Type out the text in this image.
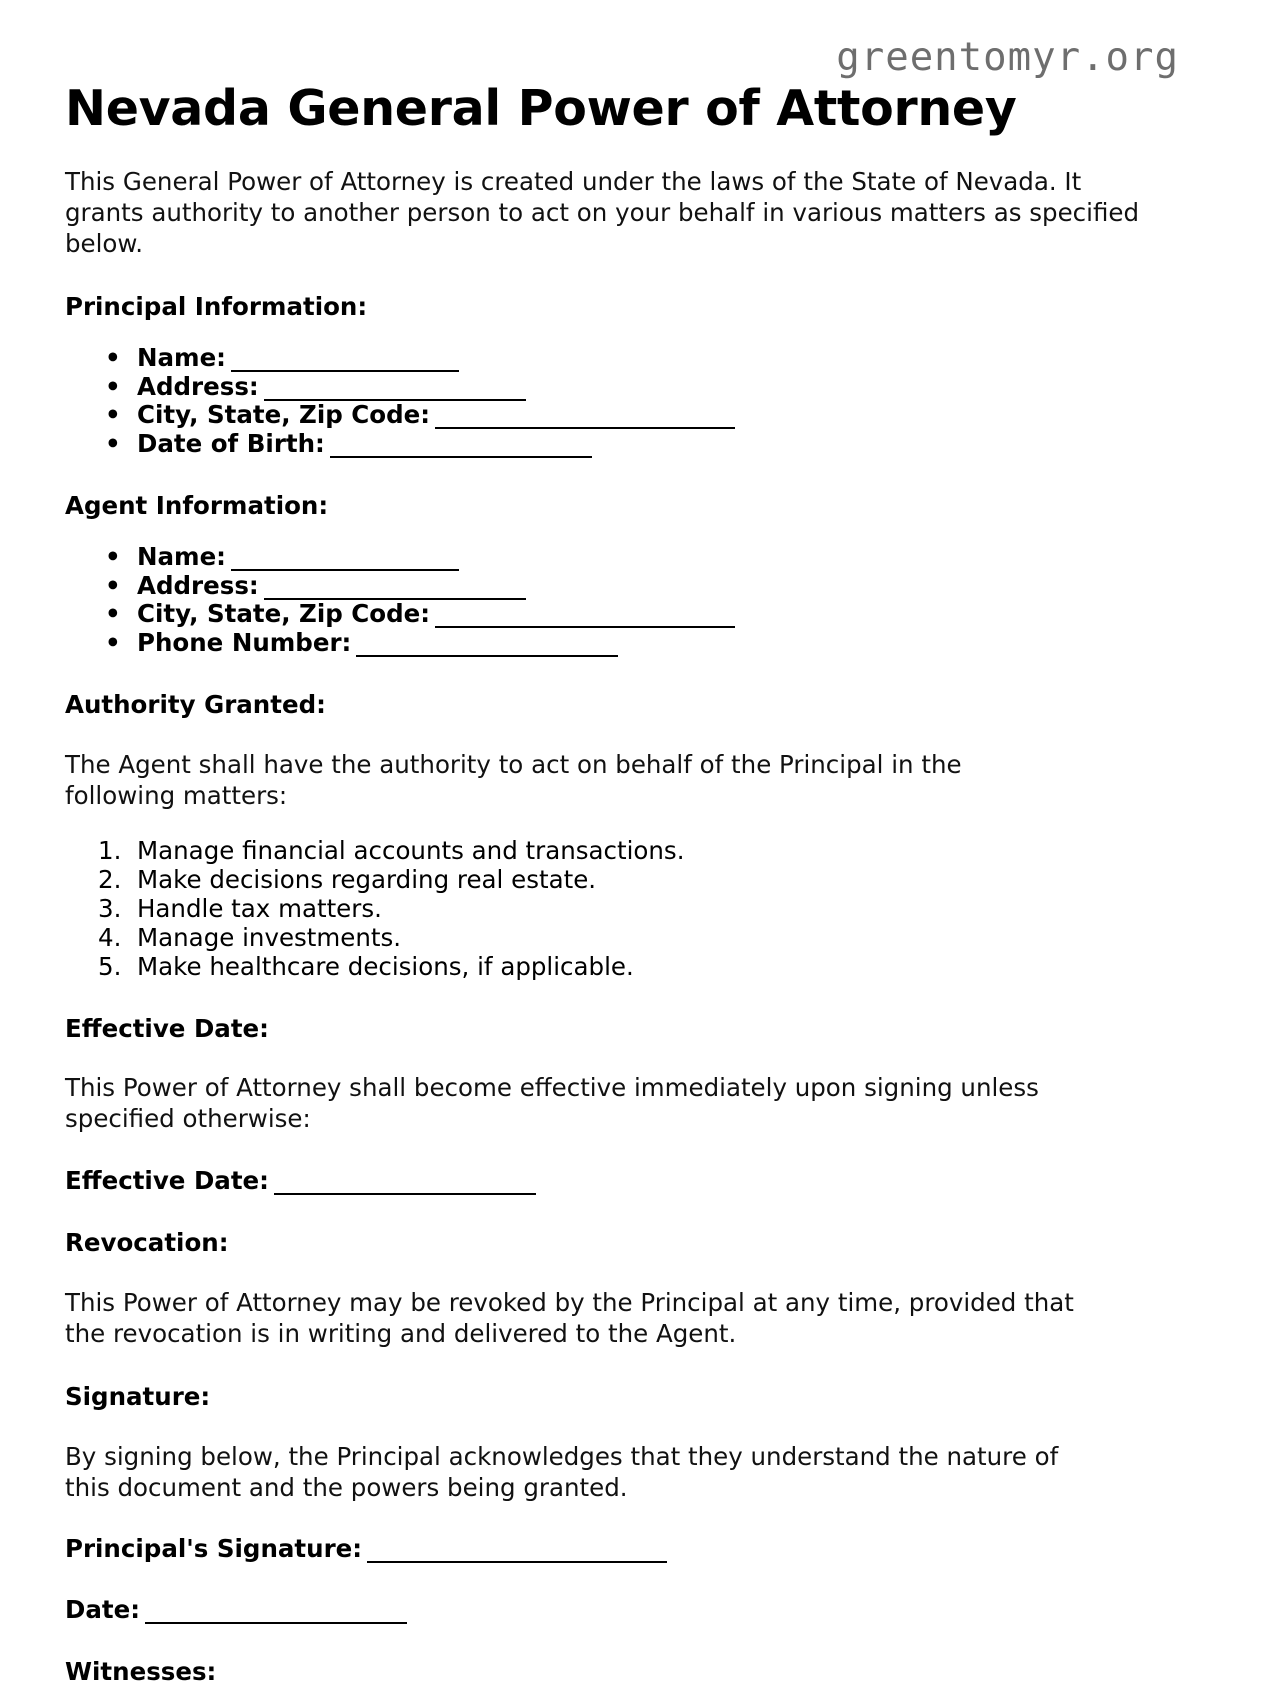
greentomyr.org
Nevada General Power of Attorney

This General Power of Attorney is created under the laws of the State of Nevada. It grants authority to another person to act on your behalf in various matters as specified below.

Principal Information:
• Name:
• Address:
• City, State, Zip Code:
• Date of Birth:
Agent Information:
• Name:
• Address:
• City, State, Zip Code:
• Phone Number:
Authority Granted:

The Agent shall have the authority to act on behalf of the Principal in the following matters:

Manage financial accounts and transactions.
Make decisions regarding real estate.
Handle tax matters.
Manage investments.
Make healthcare decisions, if applicable.
Effective Date:

This Power of Attorney shall become effective immediately upon signing unless specified otherwise:

Effective Date:

Revocation:

This Power of Attorney may be revoked by the Principal at any time, provided that the revocation is in writing and delivered to the Agent.

Signature:

By signing below, the Principal acknowledges that they understand the nature of this document and the powers being granted.

Principal's Signature:

Date:

Witnesses:
